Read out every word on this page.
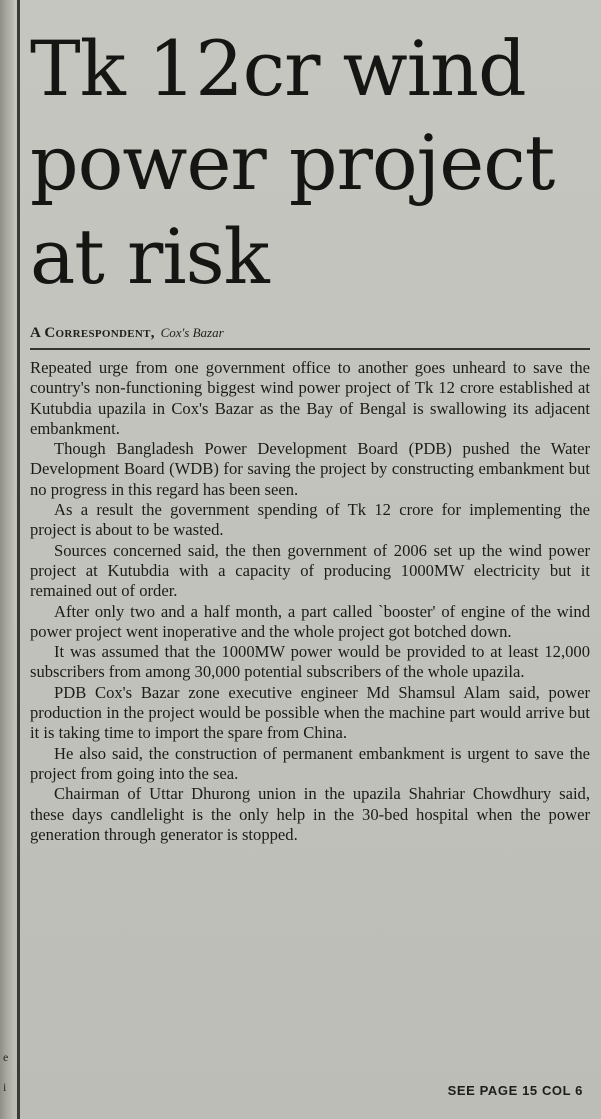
e
i
Tk 12cr wind power project at risk
A Correspondent, Cox's Bazar

Repeated urge from one government office to another goes unheard to save the country's non-functioning biggest wind power project of Tk 12 crore established at Kutubdia upazila in Cox's Bazar as the Bay of Bengal is swallowing its adjacent embankment.

Though Bangladesh Power Development Board (PDB) pushed the Water Development Board (WDB) for saving the project by constructing embankment but no progress in this regard has been seen.

As a result the government spending of Tk 12 crore for implementing the project is about to be wasted.

Sources concerned said, the then government of 2006 set up the wind power project at Kutubdia with a capacity of producing 1000MW electricity but it remained out of order.

After only two and a half month, a part called `booster' of engine of the wind power project went inoperative and the whole project got botched down.

It was assumed that the 1000MW power would be provided to at least 12,000 subscribers from among 30,000 potential subscribers of the whole upazila.

PDB Cox's Bazar zone executive engineer Md Shamsul Alam said, power production in the project would be possible when the machine part would arrive but it is taking time to import the spare from China.

He also said, the construction of permanent embankment is urgent to save the project from going into the sea.

Chairman of Uttar Dhurong union in the upazila Shahriar Chowdhury said, these days candlelight is the only help in the 30-bed hospital when the power generation through generator is stopped.

SEE PAGE 15 COL 6
